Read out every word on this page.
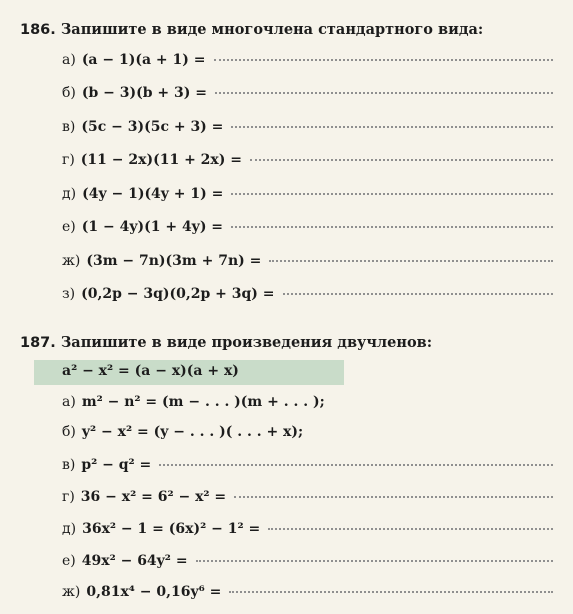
186. Запишите в виде многочлена стандартного вида:
а) (a − 1)(a + 1) =
б) (b − 3)(b + 3) =
в) (5c − 3)(5c + 3) =
г) (11 − 2x)(11 + 2x) =
д) (4y − 1)(4y + 1) =
е) (1 − 4y)(1 + 4y) =
ж) (3m − 7n)(3m + 7n) =
з) (0,2p − 3q)(0,2p + 3q) =
187. Запишите в виде произведения двучленов:
a² − x² = (a − x)(a + x)
а) m² − n² = (m − . . . )(m + . . . );
б) y² − x² = (y − . . . )( . . . + x);
в) p² − q² =
г) 36 − x² = 6² − x² =
д) 36x² − 1 = (6x)² − 1² =
е) 49x² − 64y² =
ж) 0,81x⁴ − 0,16y⁶ =
